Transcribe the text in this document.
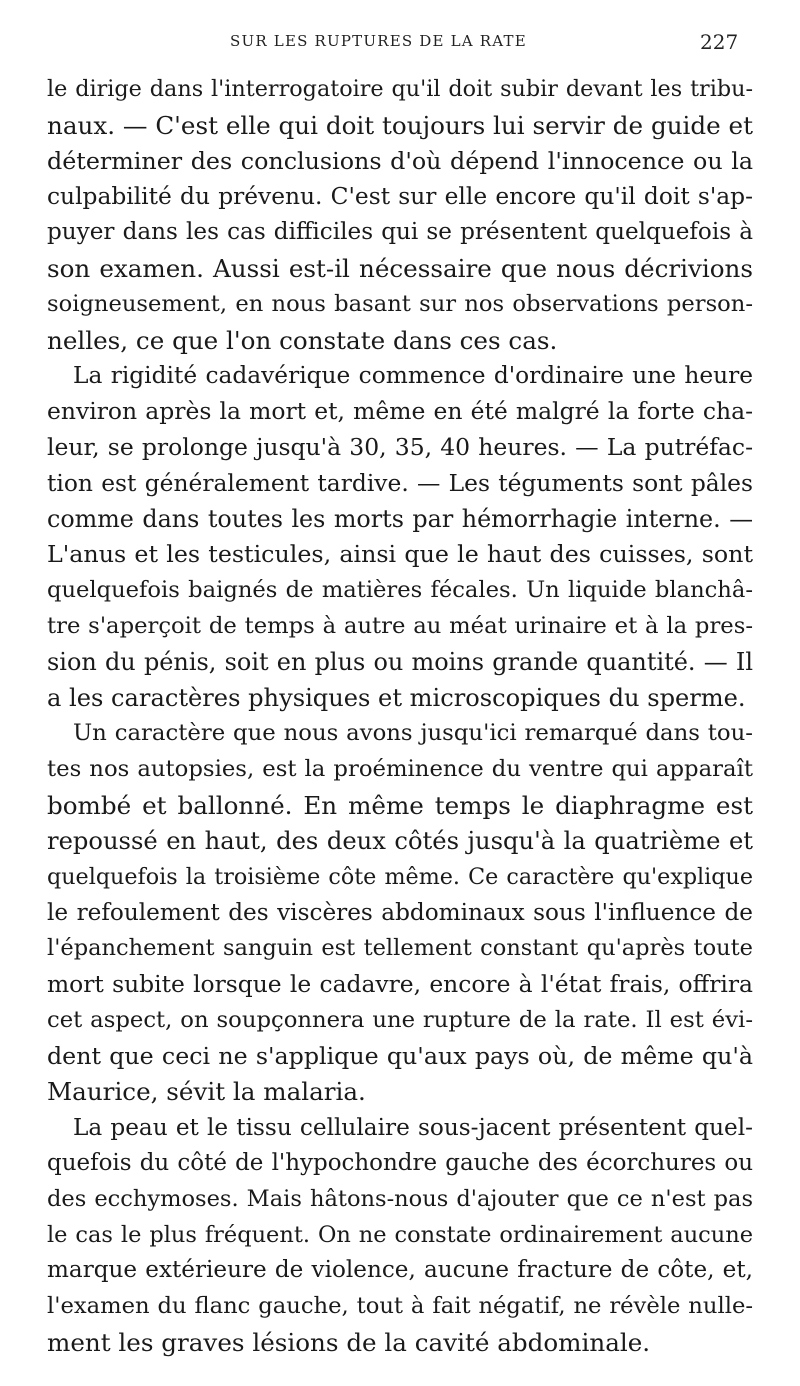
SUR LES RUPTURES DE LA RATE	227
le dirige dans l'interrogatoire qu'il doit subir devant les tribu-
naux. — C'est elle qui doit toujours lui servir de guide et
déterminer des conclusions d'où dépend l'innocence ou la
culpabilité du prévenu. C'est sur elle encore qu'il doit s'ap-
puyer dans les cas difficiles qui se présentent quelquefois à
son examen. Aussi est-il nécessaire que nous décrivions
soigneusement, en nous basant sur nos observations person-
nelles, ce que l'on constate dans ces cas.
La rigidité cadavérique commence d'ordinaire une heure
environ après la mort et, même en été malgré la forte cha-
leur, se prolonge jusqu'à 30, 35, 40 heures. — La putréfac-
tion est généralement tardive. — Les téguments sont pâles
comme dans toutes les morts par hémorrhagie interne. —
L'anus et les testicules, ainsi que le haut des cuisses, sont
quelquefois baignés de matières fécales. Un liquide blanchâ-
tre s'aperçoit de temps à autre au méat urinaire et à la pres-
sion du pénis, soit en plus ou moins grande quantité. — Il
a les caractères physiques et microscopiques du sperme.
Un caractère que nous avons jusqu'ici remarqué dans tou-
tes nos autopsies, est la proéminence du ventre qui apparaît
bombé et ballonné. En même temps le diaphragme est
repoussé en haut, des deux côtés jusqu'à la quatrième et
quelquefois la troisième côte même. Ce caractère qu'explique
le refoulement des viscères abdominaux sous l'influence de
l'épanchement sanguin est tellement constant qu'après toute
mort subite lorsque le cadavre, encore à l'état frais, offrira
cet aspect, on soupçonnera une rupture de la rate. Il est évi-
dent que ceci ne s'applique qu'aux pays où, de même qu'à
Maurice, sévit la malaria.
La peau et le tissu cellulaire sous-jacent présentent quel-
quefois du côté de l'hypochondre gauche des écorchures ou
des ecchymoses. Mais hâtons-nous d'ajouter que ce n'est pas
le cas le plus fréquent. On ne constate ordinairement aucune
marque extérieure de violence, aucune fracture de côte, et,
l'examen du flanc gauche, tout à fait négatif, ne révèle nulle-
ment les graves lésions de la cavité abdominale.
